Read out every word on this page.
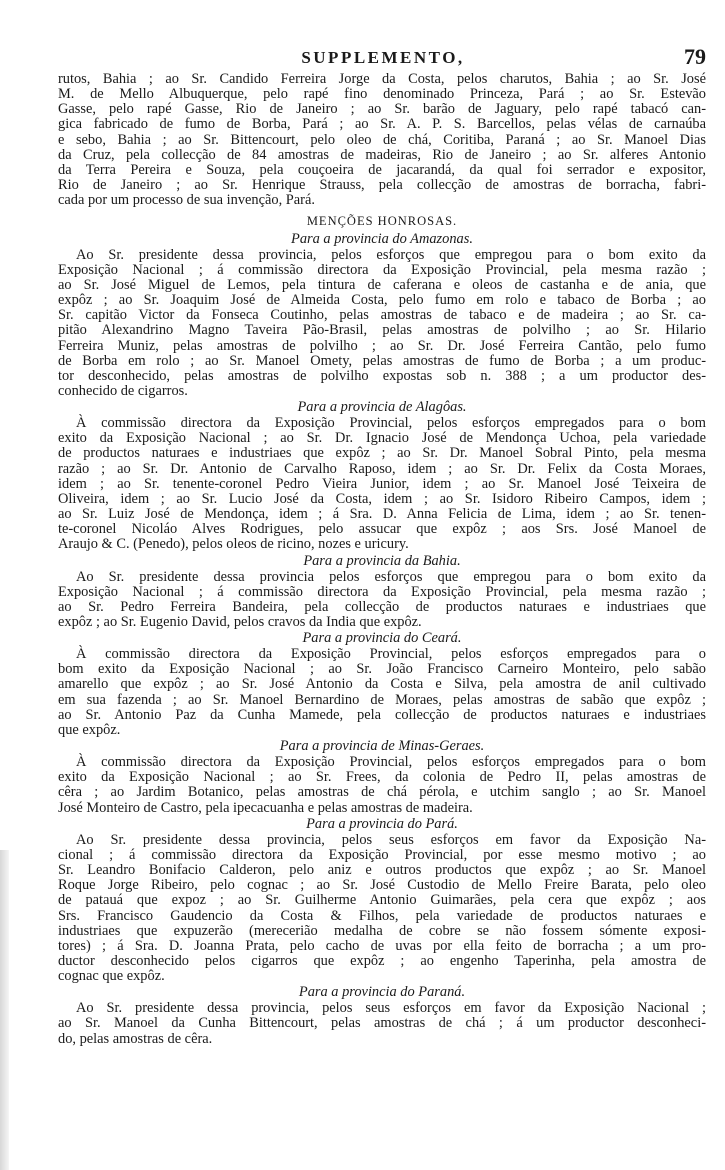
SUPPLEMENTO,	79
rutos, Bahia ; ao Sr. Candido Ferreira Jorge da Costa, pelos charutos, Bahia ; ao Sr. José
M. de Mello Albuquerque, pelo rapé fino denominado Princeza, Pará ; ao Sr. Estevão
Gasse, pelo rapé Gasse, Rio de Janeiro ; ao Sr. barão de Jaguary, pelo rapé tabacó can-
gica fabricado de fumo de Borba, Pará ; ao Sr. A. P. S. Barcellos, pelas vélas de carnaúba
e sebo, Bahia ; ao Sr. Bittencourt, pelo oleo de chá, Coritiba, Paraná ; ao Sr. Manoel Dias
da Cruz, pela collecção de 84 amostras de madeiras, Rio de Janeiro ; ao Sr. alferes Antonio
da Terra Pereira e Souza, pela couçoeira de jacarandá, da qual foi serrador e expositor,
Rio de Janeiro ; ao Sr. Henrique Strauss, pela collecção de amostras de borracha, fabri-
cada por um processo de sua invenção, Pará.
MENÇÕES HONROSAS.
Para a provincia do Amazonas.
Ao Sr. presidente dessa provincia, pelos esforços que empregou para o bom exito da
Exposição Nacional ; á commissão directora da Exposição Provincial, pela mesma razão ;
ao Sr. José Miguel de Lemos, pela tintura de caferana e oleos de castanha e de ania, que
expôz ; ao Sr. Joaquim José de Almeida Costa, pelo fumo em rolo e tabaco de Borba ; ao
Sr. capitão Victor da Fonseca Coutinho, pelas amostras de tabaco e de madeira ; ao Sr. ca-
pitão Alexandrino Magno Taveira Pão-Brasil, pelas amostras de polvilho ; ao Sr. Hilario
Ferreira Muniz, pelas amostras de polvilho ; ao Sr. Dr. José Ferreira Cantão, pelo fumo
de Borba em rolo ; ao Sr. Manoel Omety, pelas amostras de fumo de Borba ; a um produc-
tor desconhecido, pelas amostras de polvilho expostas sob n. 388 ; a um productor des-
conhecido de cigarros.
Para a provincia de Alagôas.
À commissão directora da Exposição Provincial, pelos esforços empregados para o bom
exito da Exposição Nacional ; ao Sr. Dr. Ignacio José de Mendonça Uchoa, pela variedade
de productos naturaes e industriaes que expôz ; ao Sr. Dr. Manoel Sobral Pinto, pela mesma
razão ; ao Sr. Dr. Antonio de Carvalho Raposo, idem ; ao Sr. Dr. Felix da Costa Moraes,
idem ; ao Sr. tenente-coronel Pedro Vieira Junior, idem ; ao Sr. Manoel José Teixeira de
Oliveira, idem ; ao Sr. Lucio José da Costa, idem ; ao Sr. Isidoro Ribeiro Campos, idem ;
ao Sr. Luiz José de Mendonça, idem ; á Sra. D. Anna Felicia de Lima, idem ; ao Sr. tenen-
te-coronel Nicoláo Alves Rodrigues, pelo assucar que expôz ; aos Srs. José Manoel de
Araujo & C. (Penedo), pelos oleos de ricino, nozes e uricury.
Para a provincia da Bahia.
Ao Sr. presidente dessa provincia pelos esforços que empregou para o bom exito da
Exposição Nacional ; á commissão directora da Exposição Provincial, pela mesma razão ;
ao Sr. Pedro Ferreira Bandeira, pela collecção de productos naturaes e industriaes que
expôz ; ao Sr. Eugenio David, pelos cravos da India que expôz.
Para a provincia do Ceará.
À commissão directora da Exposição Provincial, pelos esforços empregados para o
bom exito da Exposição Nacional ; ao Sr. João Francisco Carneiro Monteiro, pelo sabão
amarello que expôz ; ao Sr. José Antonio da Costa e Silva, pela amostra de anil cultivado
em sua fazenda ; ao Sr. Manoel Bernardino de Moraes, pelas amostras de sabão que expôz ;
ao Sr. Antonio Paz da Cunha Mamede, pela collecção de productos naturaes e industriaes
que expôz.
Para a provincia de Minas-Geraes.
À commissão directora da Exposição Provincial, pelos esforços empregados para o bom
exito da Exposição Nacional ; ao Sr. Frees, da colonia de Pedro II, pelas amostras de
cêra ; ao Jardim Botanico, pelas amostras de chá pérola, e utchim sanglo ; ao Sr. Manoel
José Monteiro de Castro, pela ipecacuanha e pelas amostras de madeira.
Para a provincia do Pará.
Ao Sr. presidente dessa provincia, pelos seus esforços em favor da Exposição Na-
cional ; á commissão directora da Exposição Provincial, por esse mesmo motivo ; ao
Sr. Leandro Bonifacio Calderon, pelo aniz e outros productos que expôz ; ao Sr. Manoel
Roque Jorge Ribeiro, pelo cognac ; ao Sr. José Custodio de Mello Freire Barata, pelo oleo
de patauá que expoz ; ao Sr. Guilherme Antonio Guimarães, pela cera que expôz ; aos
Srs. Francisco Gaudencio da Costa & Filhos, pela variedade de productos naturaes e
industriaes que expuzerão (merecerião medalha de cobre se não fossem sómente exposi-
tores) ; á Sra. D. Joanna Prata, pelo cacho de uvas por ella feito de borracha ; a um pro-
ductor desconhecido pelos cigarros que expôz ; ao engenho Taperinha, pela amostra de
cognac que expôz.
Para a provincia do Paraná.
Ao Sr. presidente dessa provincia, pelos seus esforços em favor da Exposição Nacional ;
ao Sr. Manoel da Cunha Bittencourt, pelas amostras de chá ; á um productor desconheci-
do, pelas amostras de cêra.
